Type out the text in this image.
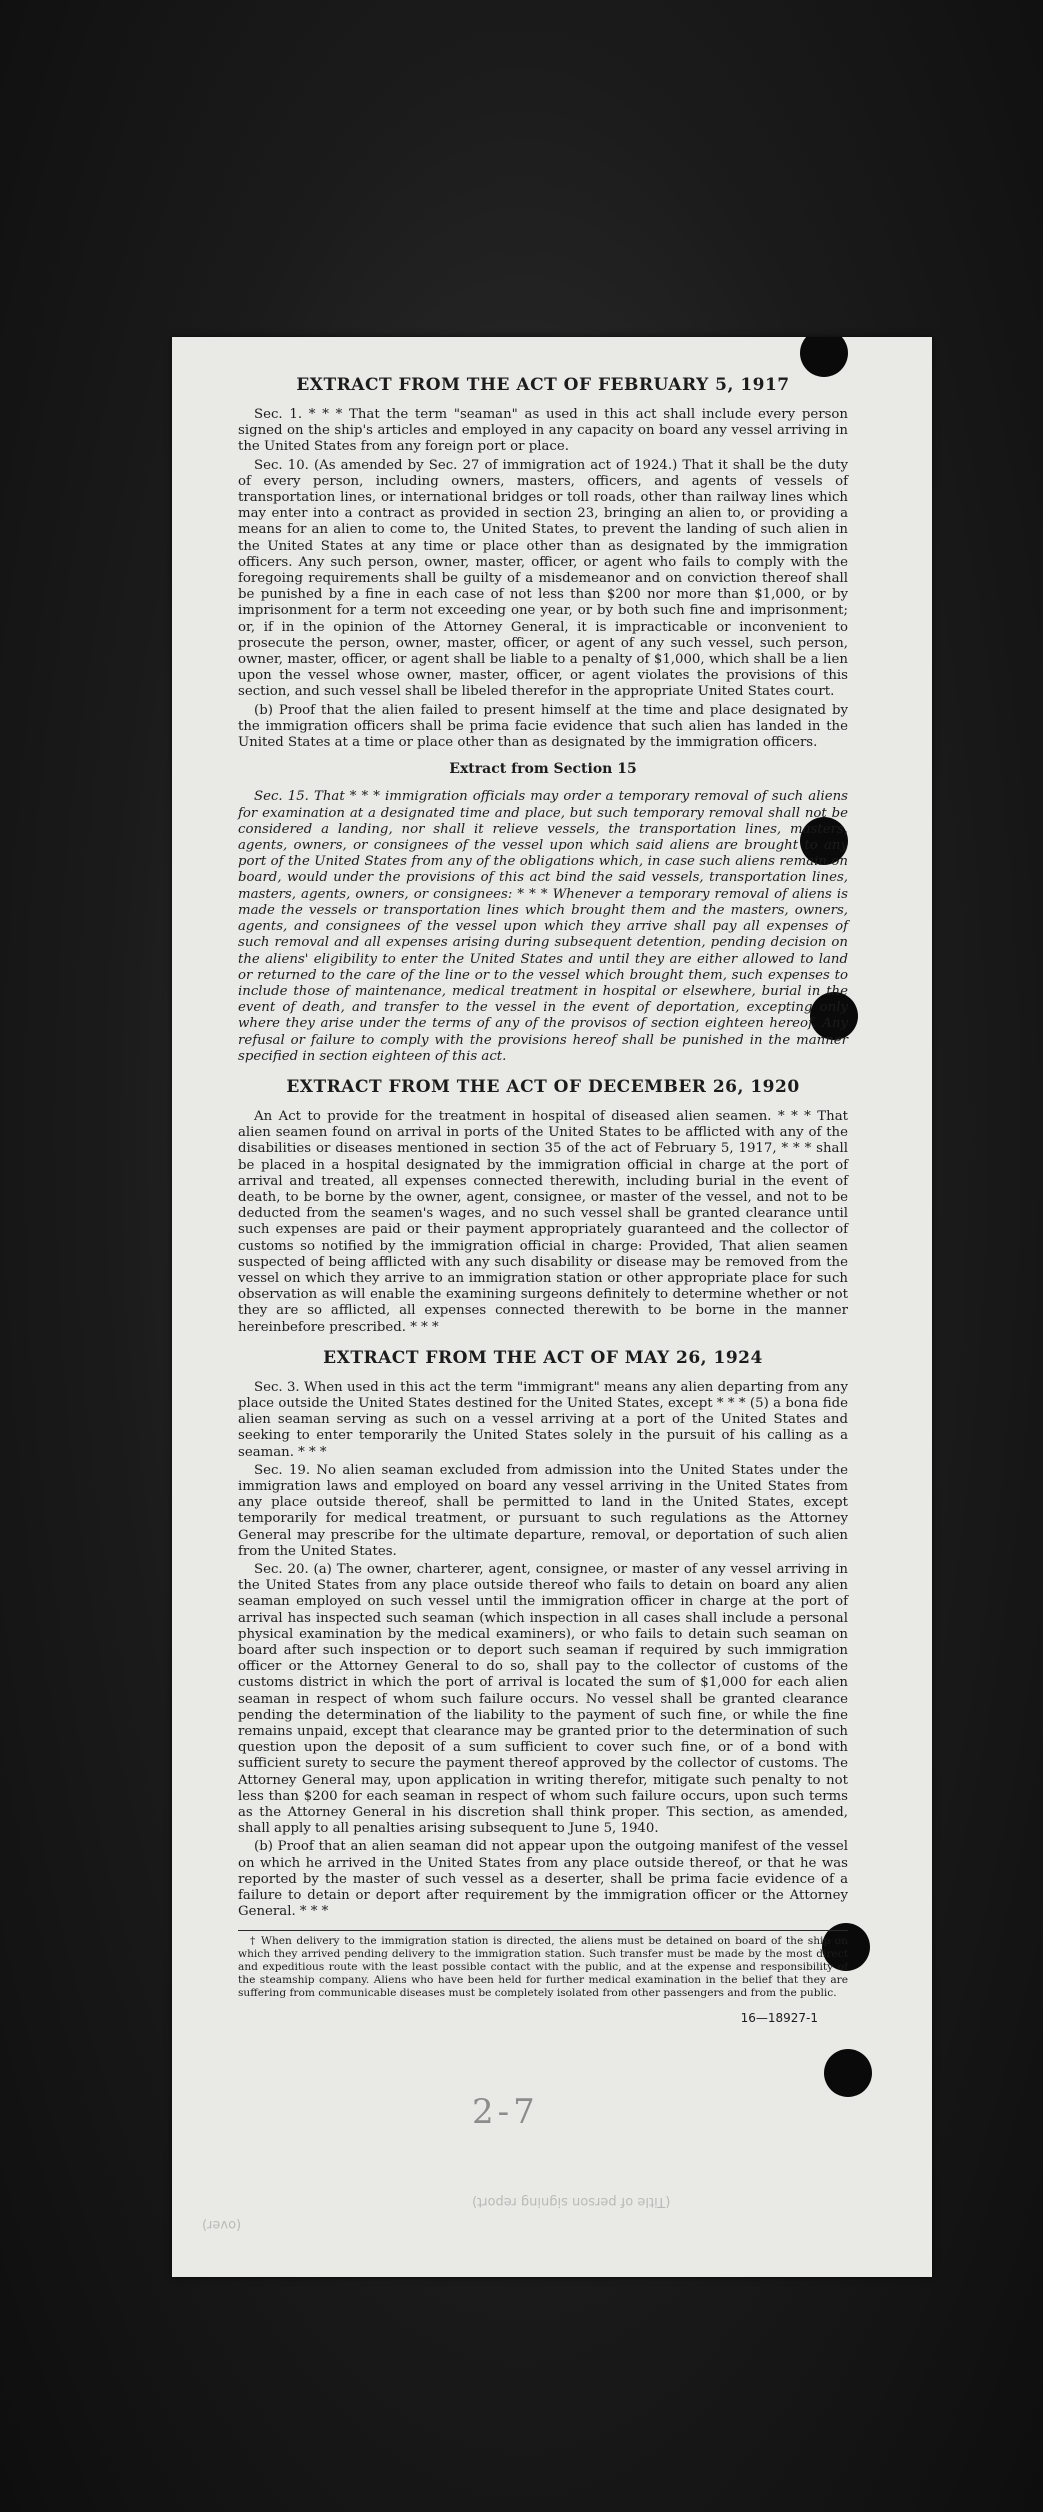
EXTRACT FROM THE ACT OF FEBRUARY 5, 1917

Sec. 1. * * * That the term "seaman" as used in this act shall include every person signed on the ship's articles and employed in any capacity on board any vessel arriving in the United States from any foreign port or place.

Sec. 10. (As amended by Sec. 27 of immigration act of 1924.) That it shall be the duty of every person, including owners, masters, officers, and agents of vessels of transportation lines, or international bridges or toll roads, other than railway lines which may enter into a contract as provided in section 23, bringing an alien to, or providing a means for an alien to come to, the United States, to prevent the landing of such alien in the United States at any time or place other than as designated by the immigration officers. Any such person, owner, master, officer, or agent who fails to comply with the foregoing requirements shall be guilty of a misdemeanor and on conviction thereof shall be punished by a fine in each case of not less than $200 nor more than $1,000, or by imprisonment for a term not exceeding one year, or by both such fine and imprisonment; or, if in the opinion of the Attorney General, it is impracticable or inconvenient to prosecute the person, owner, master, officer, or agent of any such vessel, such person, owner, master, officer, or agent shall be liable to a penalty of $1,000, which shall be a lien upon the vessel whose owner, master, officer, or agent violates the provisions of this section, and such vessel shall be libeled therefor in the appropriate United States court.

(b) Proof that the alien failed to present himself at the time and place designated by the immigration officers shall be prima facie evidence that such alien has landed in the United States at a time or place other than as designated by the immigration officers.

Extract from Section 15

Sec. 15. That * * * immigration officials may order a temporary removal of such aliens for examination at a designated time and place, but such temporary removal shall not be considered a landing, nor shall it relieve vessels, the transportation lines, masters, agents, owners, or consignees of the vessel upon which said aliens are brought to any port of the United States from any of the obligations which, in case such aliens remain on board, would under the provisions of this act bind the said vessels, transportation lines, masters, agents, owners, or consignees: * * * Whenever a temporary removal of aliens is made the vessels or transportation lines which brought them and the masters, owners, agents, and consignees of the vessel upon which they arrive shall pay all expenses of such removal and all expenses arising during subsequent detention, pending decision on the aliens' eligibility to enter the United States and until they are either allowed to land or returned to the care of the line or to the vessel which brought them, such expenses to include those of maintenance, medical treatment in hospital or elsewhere, burial in the event of death, and transfer to the vessel in the event of deportation, excepting only where they arise under the terms of any of the provisos of section eighteen hereof. Any refusal or failure to comply with the provisions hereof shall be punished in the manner specified in section eighteen of this act.

EXTRACT FROM THE ACT OF DECEMBER 26, 1920

An Act to provide for the treatment in hospital of diseased alien seamen. * * * That alien seamen found on arrival in ports of the United States to be afflicted with any of the disabilities or diseases mentioned in section 35 of the act of February 5, 1917, * * * shall be placed in a hospital designated by the immigration official in charge at the port of arrival and treated, all expenses connected therewith, including burial in the event of death, to be borne by the owner, agent, consignee, or master of the vessel, and not to be deducted from the seamen's wages, and no such vessel shall be granted clearance until such expenses are paid or their payment appropriately guaranteed and the collector of customs so notified by the immigration official in charge: Provided, That alien seamen suspected of being afflicted with any such disability or disease may be removed from the vessel on which they arrive to an immigration station or other appropriate place for such observation as will enable the examining surgeons definitely to determine whether or not they are so afflicted, all expenses connected therewith to be borne in the manner hereinbefore prescribed. * * *

EXTRACT FROM THE ACT OF MAY 26, 1924

Sec. 3. When used in this act the term "immigrant" means any alien departing from any place outside the United States destined for the United States, except * * * (5) a bona fide alien seaman serving as such on a vessel arriving at a port of the United States and seeking to enter temporarily the United States solely in the pursuit of his calling as a seaman. * * *

Sec. 19. No alien seaman excluded from admission into the United States under the immigration laws and employed on board any vessel arriving in the United States from any place outside thereof, shall be permitted to land in the United States, except temporarily for medical treatment, or pursuant to such regulations as the Attorney General may prescribe for the ultimate departure, removal, or deportation of such alien from the United States.

Sec. 20. (a) The owner, charterer, agent, consignee, or master of any vessel arriving in the United States from any place outside thereof who fails to detain on board any alien seaman employed on such vessel until the immigration officer in charge at the port of arrival has inspected such seaman (which inspection in all cases shall include a personal physical examination by the medical examiners), or who fails to detain such seaman on board after such inspection or to deport such seaman if required by such immigration officer or the Attorney General to do so, shall pay to the collector of customs of the customs district in which the port of arrival is located the sum of $1,000 for each alien seaman in respect of whom such failure occurs. No vessel shall be granted clearance pending the determination of the liability to the payment of such fine, or while the fine remains unpaid, except that clearance may be granted prior to the determination of such question upon the deposit of a sum sufficient to cover such fine, or of a bond with sufficient surety to secure the payment thereof approved by the collector of customs. The Attorney General may, upon application in writing therefor, mitigate such penalty to not less than $200 for each seaman in respect of whom such failure occurs, upon such terms as the Attorney General in his discretion shall think proper. This section, as amended, shall apply to all penalties arising subsequent to June 5, 1940.

(b) Proof that an alien seaman did not appear upon the outgoing manifest of the vessel on which he arrived in the United States from any place outside thereof, or that he was reported by the master of such vessel as a deserter, shall be prima facie evidence of a failure to detain or deport after requirement by the immigration officer or the Attorney General. * * *

† When delivery to the immigration station is directed, the aliens must be detained on board of the ship on which they arrived pending delivery to the immigration station. Such transfer must be made by the most direct and expeditious route with the least possible contact with the public, and at the expense and responsibility of the steamship company. Aliens who have been held for further medical examination in the belief that they are suffering from communicable diseases must be completely isolated from other passengers and from the public.

16—18927-1
2-7
(Title of person signing report)
(over)
